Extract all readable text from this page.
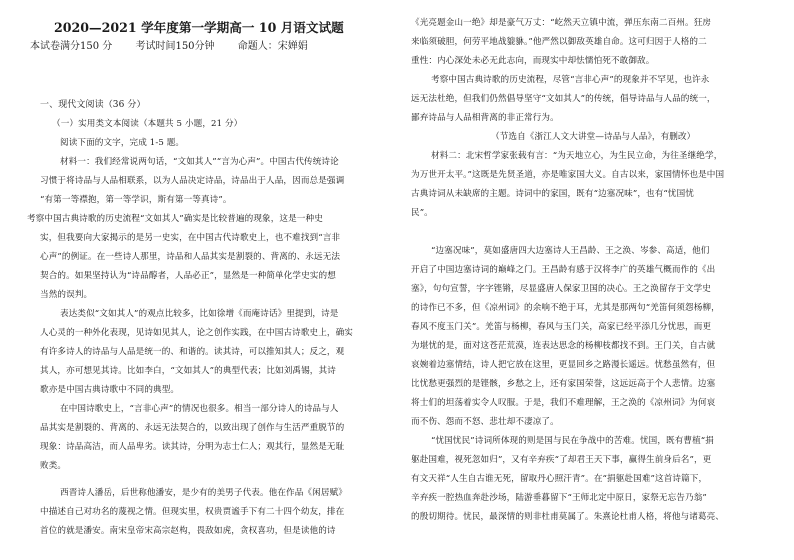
2020—2021 学年度第一学期高一 10 月语文试题
本试卷满分150 分 考试时间150分钟 命题人：宋婵娟
一、现代文阅读（36 分）
（一）实用类文本阅读（本题共 5 小题，21 分）
阅读下面的文字，完成 1-5 题。
材料一：我们经常说两句话，“文如其人”“言为心声”。中国古代传统诗论
习惯于将诗品与人品相联系，以为人品决定诗品，诗品出于人品，因而总是强调
“有第一等襟抱，第一等学识，斯有第一等真诗”。
考察中国古典诗歌的历史流程“文如其人”确实是比较普遍的现象，这是一种史
实，但我要向大家揭示的是另一史实，在中国古代诗歌史上，也不难找到“言非
心声”的例证。在一些诗人那里，诗品和人品其实是割裂的、背离的、永远无法
契合的。如果坚持认为“诗品醇者，人品必正”，显然是一种简单化学史实的想
当然的误判。
表达类似“文如其人”的观点比较多，比如徐增《而庵诗话》里提到，诗是
人心灵的一种外化表现，见诗如见其人，论之创作实践，在中国古诗歌史上，确实
有许多诗人的诗品与人品是统一的、和谐的。读其诗，可以推知其人；反之，观
其人，亦可想见其诗。比如李白，“文如其人”的典型代表；比如刘禹锡，其诗
歌亦是中国古典诗歌中不同的典型。
在中国诗歌史上，“言非心声”的情况也很多。相当一部分诗人的诗品与人
品其实是割裂的、背离的、永远无法契合的，以致出现了创作与生活严重脱节的
现象：诗品高洁，而人品卑劣。读其诗，分明为志士仁人；观其行，显然是无耻
败类。
西晋诗人潘岳，后世称他潘安，是少有的美男子代表。他在作品《闲居赋》
中描述自己对功名的蔑视之情。但现实里，权贵贾谧手下有二十四个幼友，排在
首位的就是潘安。南宋皇帝宋高宗赵构，畏敌如虎，贪权喜功，但是读他的诗
《光亮题金山一绝》却是豪气万丈：“屹然天立镇中流，弹压东南二百州。狂房
来临须破胆，何劳平地战貔貅。”他严然以御敌英雄自命。这可归因于人格的二
重性：内心深处未必无此志向，而现实中却怯懦怕死不敢御敌。
考察中国古典诗歌的历史流程，尽管“言非心声”的现象并不罕见，也许永
远无法杜绝，但我们仍然倡导坚守“文如其人”的传统，倡导诗品与人品的统一，
鄙弃诗品与人品相背离的非正常行为。
（节选自《浙江人文大讲堂—诗品与人品》，有删改）
材料二：北宋哲学家张载有言：“为天地立心，为生民立命，为往圣继绝学，
为万世开太平。”这既是先贤圣道，亦是唯家国大义。自古以来，家国情怀也是中国
古典诗词从未缺席的主题。诗词中的家国，既有“边塞况味”，也有“忧国忧
民”。
“边塞况味”，莫如盛唐四大边塞诗人王昌龄、王之涣、岑参、高适，他们
开启了中国边塞诗词的巅峰之门。王昌龄有感于汉将李广的英雄气概而作的《出
塞》，句句宣誓，字字铿锵，尽显盛唐人保家卫国的决心。王之涣留存于文学史
的诗作已不多，但《凉州词》的余响不绝于耳，尤其是那两句“羌笛何须怨杨柳，
春风不度玉门关”。羌笛与杨柳，春风与玉门关，高家已经平添几分忧思，而更
为堪忧的是，面对这苍茫荒漠，连表达思念的杨柳枝都找不到。王门关，自古就
哀婉着边塞情结，诗人把它放在这里，更显回乡之路漫长遥远。忧愁虽然有，但
比忧愁更强烈的是铿骸，乡愁之上，还有家国荣誉，这远远高于个人悲情。边塞
将士们的坦荡着实令人叹服。于是，我们不难理解，王之涣的《凉州词》为何哀
而不伤、怨而不怒、悲壮却不凄凉了。
“忧国忧民”诗词所体现的则是国与民在争战中的苦难。忧国，既有曹植“捐
躯赴国难，视死忽如归”，又有辛弃疾“了却君王天下事，赢得生前身后名”，更
有文天祥“人生自古谁无死，留取丹心照汗青”。在“捐躯赴国难”这首诗篇下，
辛弃疾一腔热血奔赴沙场，陆游垂暮留下“王师北定中原日，家祭无忘告乃翁”
的殷切期待。忧民，最深情的则非杜甫莫属了。朱熹论杜甫人格，将他与诸葛亮、
